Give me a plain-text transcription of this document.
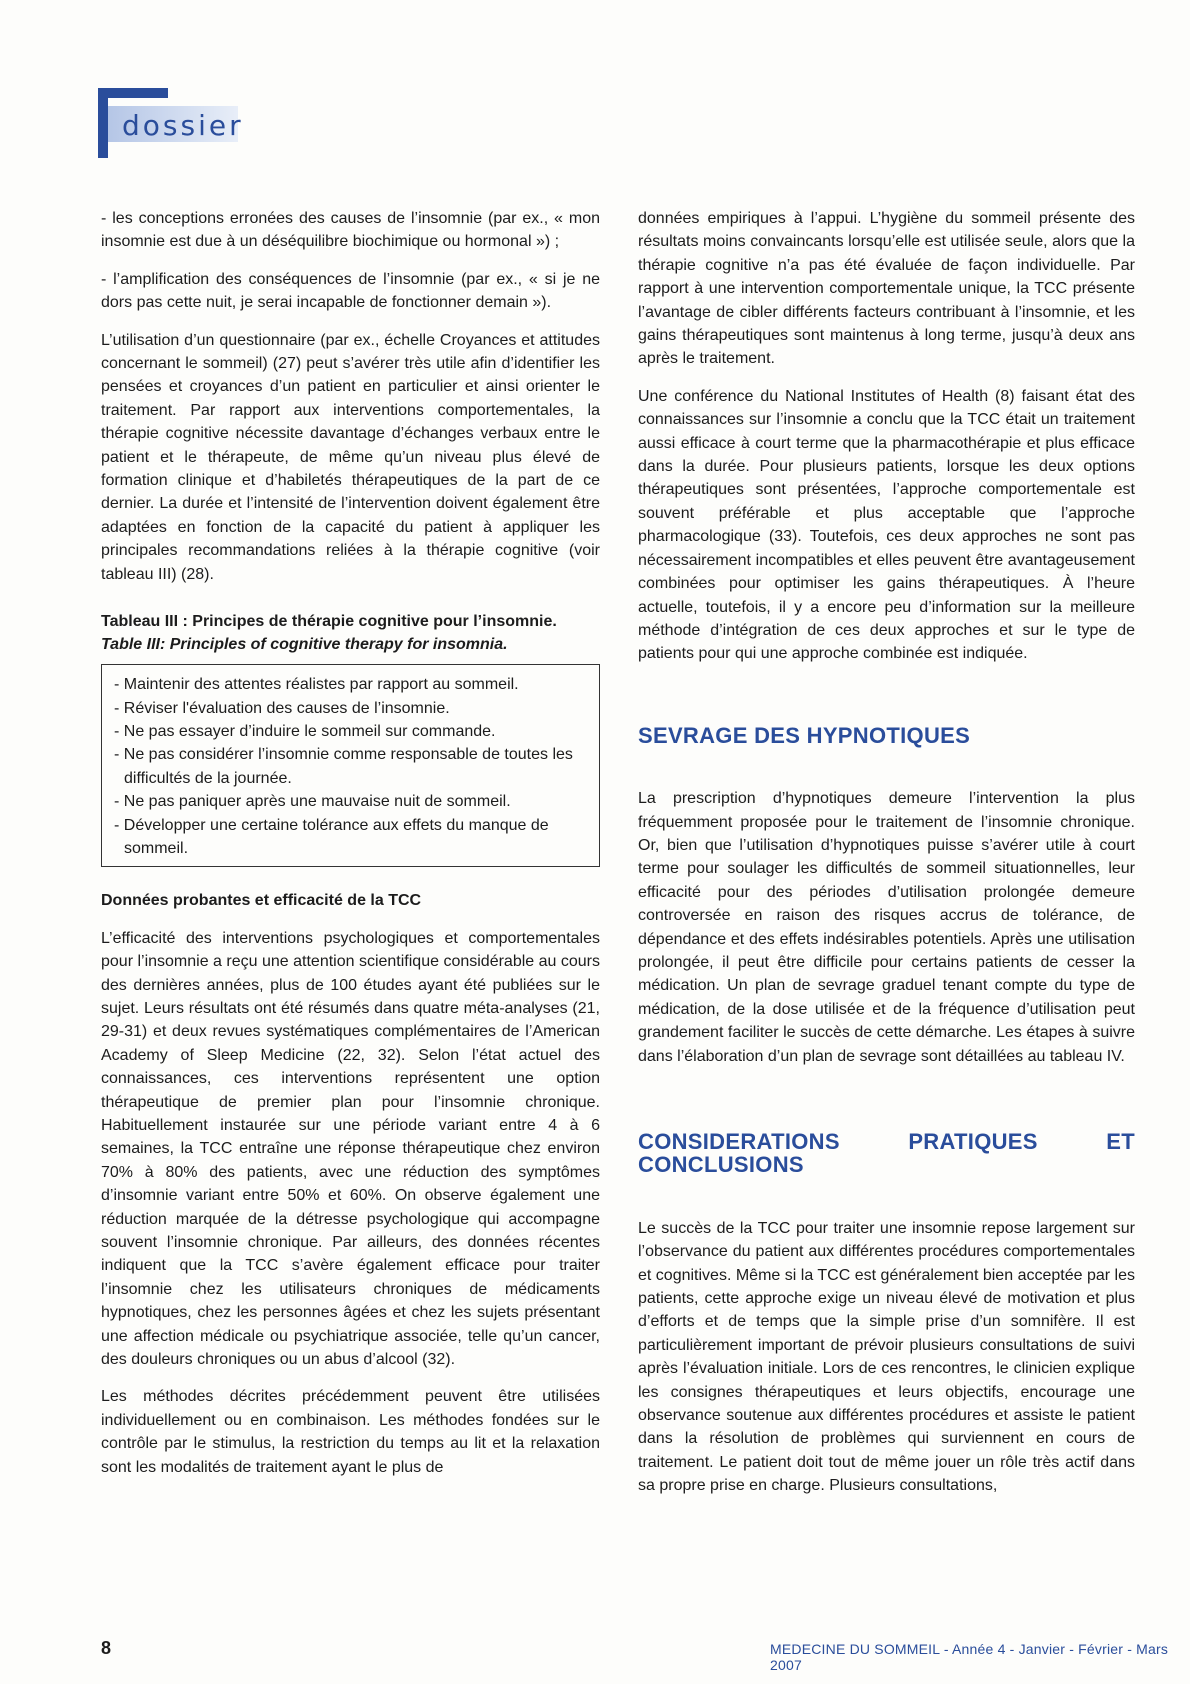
dossier

- les conceptions erronées des causes de l’insomnie (par ex., « mon insomnie est due à un déséquilibre biochimique ou hormonal ») ;

- l’amplification des conséquences de l’insomnie (par ex., « si je ne dors pas cette nuit, je serai incapable de fonctionner demain »).

L’utilisation d’un questionnaire (par ex., échelle Croyances et attitudes concernant le sommeil) (27) peut s’avérer très utile afin d’identifier les pensées et croyances d’un patient en particulier et ainsi orienter le traitement. Par rapport aux interventions comportementales, la thérapie cognitive nécessite davantage d’échanges verbaux entre le patient et le thérapeute, de même qu’un niveau plus élevé de formation clinique et d’habiletés thérapeutiques de la part de ce dernier. La durée et l’intensité de l’intervention doivent également être adaptées en fonction de la capacité du patient à appliquer les principales recommandations reliées à la thérapie cognitive (voir tableau III) (28).

Tableau III : Principes de thérapie cognitive pour l’insomnie.
Table III: Principles of cognitive therapy for insomnia.
- Maintenir des attentes réalistes par rapport au sommeil.
- Réviser l'évaluation des causes de l’insomnie.
- Ne pas essayer d’induire le sommeil sur commande.
- Ne pas considérer l’insomnie comme responsable de toutes les difficultés de la journée.
- Ne pas paniquer après une mauvaise nuit de sommeil.
- Développer une certaine tolérance aux effets du manque de sommeil.
Données probantes et efficacité de la TCC

L’efficacité des interventions psychologiques et comportementales pour l’insomnie a reçu une attention scientifique considérable au cours des dernières années, plus de 100 études ayant été publiées sur le sujet. Leurs résultats ont été résumés dans quatre méta-analyses (21, 29-31) et deux revues systématiques complémentaires de l’American Academy of Sleep Medicine (22, 32). Selon l’état actuel des connaissances, ces interventions représentent une option thérapeutique de premier plan pour l’insomnie chronique. Habituellement instaurée sur une période variant entre 4 à 6 semaines, la TCC entraîne une réponse thérapeutique chez environ 70% à 80% des patients, avec une réduction des symptômes d’insomnie variant entre 50% et 60%. On observe également une réduction marquée de la détresse psychologique qui accompagne souvent l’insomnie chronique. Par ailleurs, des données récentes indiquent que la TCC s’avère également efficace pour traiter l’insomnie chez les utilisateurs chroniques de médicaments hypnotiques, chez les personnes âgées et chez les sujets présentant une affection médicale ou psychiatrique associée, telle qu’un cancer, des douleurs chroniques ou un abus d’alcool (32).

Les méthodes décrites précédemment peuvent être utilisées individuellement ou en combinaison. Les méthodes fondées sur le contrôle par le stimulus, la restriction du temps au lit et la relaxation sont les modalités de traitement ayant le plus de

données empiriques à l’appui. L’hygiène du sommeil présente des résultats moins convaincants lorsqu’elle est utilisée seule, alors que la thérapie cognitive n’a pas été évaluée de façon individuelle. Par rapport à une intervention comportementale unique, la TCC présente l’avantage de cibler différents facteurs contribuant à l’insomnie, et les gains thérapeutiques sont maintenus à long terme, jusqu’à deux ans après le traitement.

Une conférence du National Institutes of Health (8) faisant état des connaissances sur l’insomnie a conclu que la TCC était un traitement aussi efficace à court terme que la pharmacothérapie et plus efficace dans la durée. Pour plusieurs patients, lorsque les deux options thérapeutiques sont présentées, l’approche comportementale est souvent préférable et plus acceptable que l’approche pharmacologique (33). Toutefois, ces deux approches ne sont pas nécessairement incompatibles et elles peuvent être avantageusement combinées pour optimiser les gains thérapeutiques. À l’heure actuelle, toutefois, il y a encore peu d’information sur la meilleure méthode d’intégration de ces deux approches et sur le type de patients pour qui une approche combinée est indiquée.

SEVRAGE DES HYPNOTIQUES

La prescription d’hypnotiques demeure l’intervention la plus fréquemment proposée pour le traitement de l’insomnie chronique. Or, bien que l’utilisation d’hypnotiques puisse s’avérer utile à court terme pour soulager les difficultés de sommeil situationnelles, leur efficacité pour des périodes d’utilisation prolongée demeure controversée en raison des risques accrus de tolérance, de dépendance et des effets indésirables potentiels. Après une utilisation prolongée, il peut être difficile pour certains patients de cesser la médication. Un plan de sevrage graduel tenant compte du type de médication, de la dose utilisée et de la fréquence d’utilisation peut grandement faciliter le succès de cette démarche. Les étapes à suivre dans l’élaboration d’un plan de sevrage sont détaillées au tableau IV.

CONSIDERATIONS PRATIQUES ET CONCLUSIONS

Le succès de la TCC pour traiter une insomnie repose largement sur l’observance du patient aux différentes procédures comportementales et cognitives. Même si la TCC est généralement bien acceptée par les patients, cette approche exige un niveau élevé de motivation et plus d’efforts et de temps que la simple prise d’un somnifère. Il est particulièrement important de prévoir plusieurs consultations de suivi après l’évaluation initiale. Lors de ces rencontres, le clinicien explique les consignes thérapeutiques et leurs objectifs, encourage une observance soutenue aux différentes procédures et assiste le patient dans la résolution de problèmes qui surviennent en cours de traitement. Le patient doit tout de même jouer un rôle très actif dans sa propre prise en charge. Plusieurs consultations,

8	MEDECINE DU SOMMEIL - Année 4 - Janvier - Février - Mars 2007
